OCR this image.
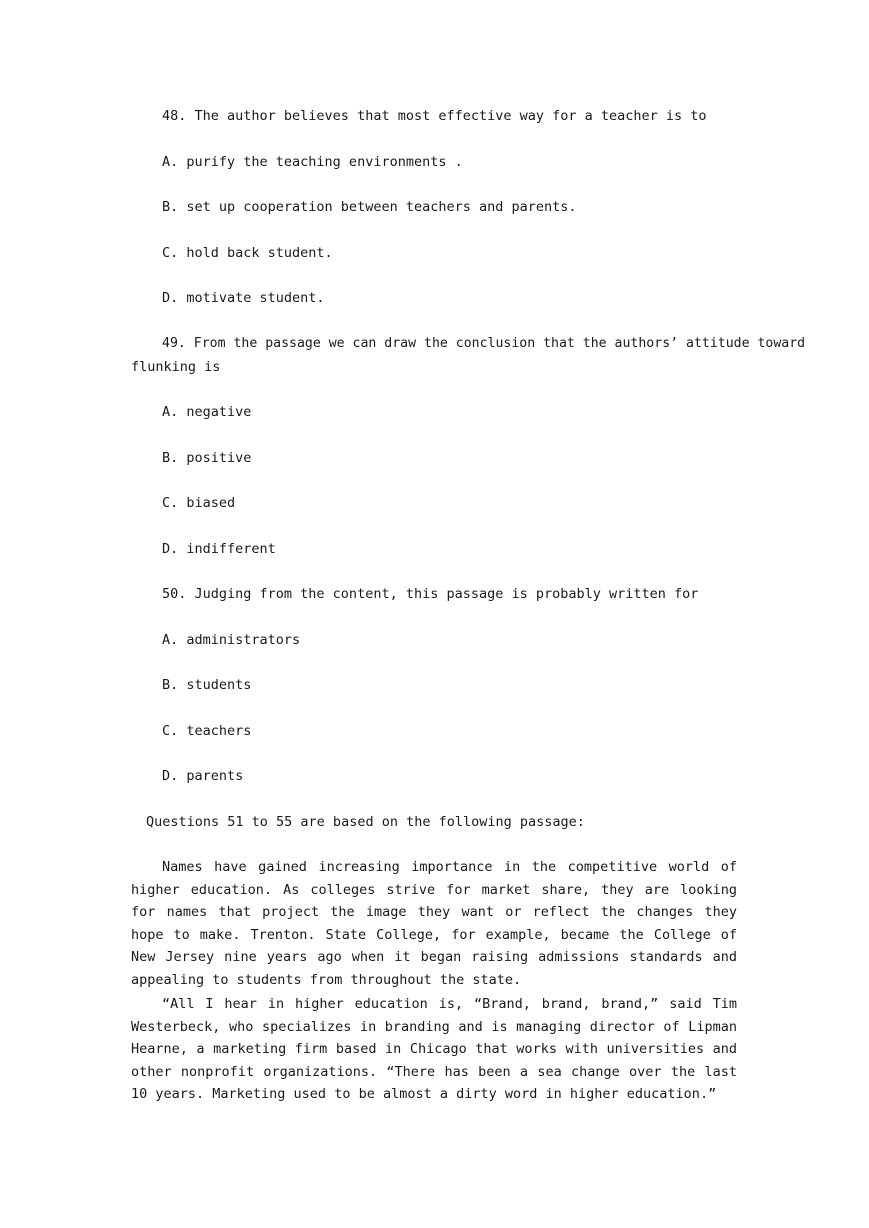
48. The author believes that most effective way for a teacher is to
A. purify the teaching environments .
B. set up cooperation between teachers and parents.
C. hold back student.
D. motivate student.
49. From the passage we can draw the conclusion that the authors’ attitude toward
flunking is
A. negative
B. positive
C. biased
D. indifferent
50. Judging from the content, this passage is probably written for
A. administrators
B. students
C. teachers
D. parents
Questions 51 to 55 are based on the following passage:
Names have gained increasing importance in the competitive world of higher education. As colleges strive for market share, they are looking for names that project the image they want or reflect the changes they hope to make. Trenton. State College, for example, became the College of New Jersey nine years ago when it began raising admissions standards and appealing to students from throughout the state.
“All I hear in higher education is, “Brand, brand, brand,” said Tim Westerbeck, who specializes in branding and is managing director of Lipman Hearne, a marketing firm based in Chicago that works with universities and other nonprofit organizations. “There has been a sea change over the last 10 years. Marketing used to be almost a dirty word in higher education.”
